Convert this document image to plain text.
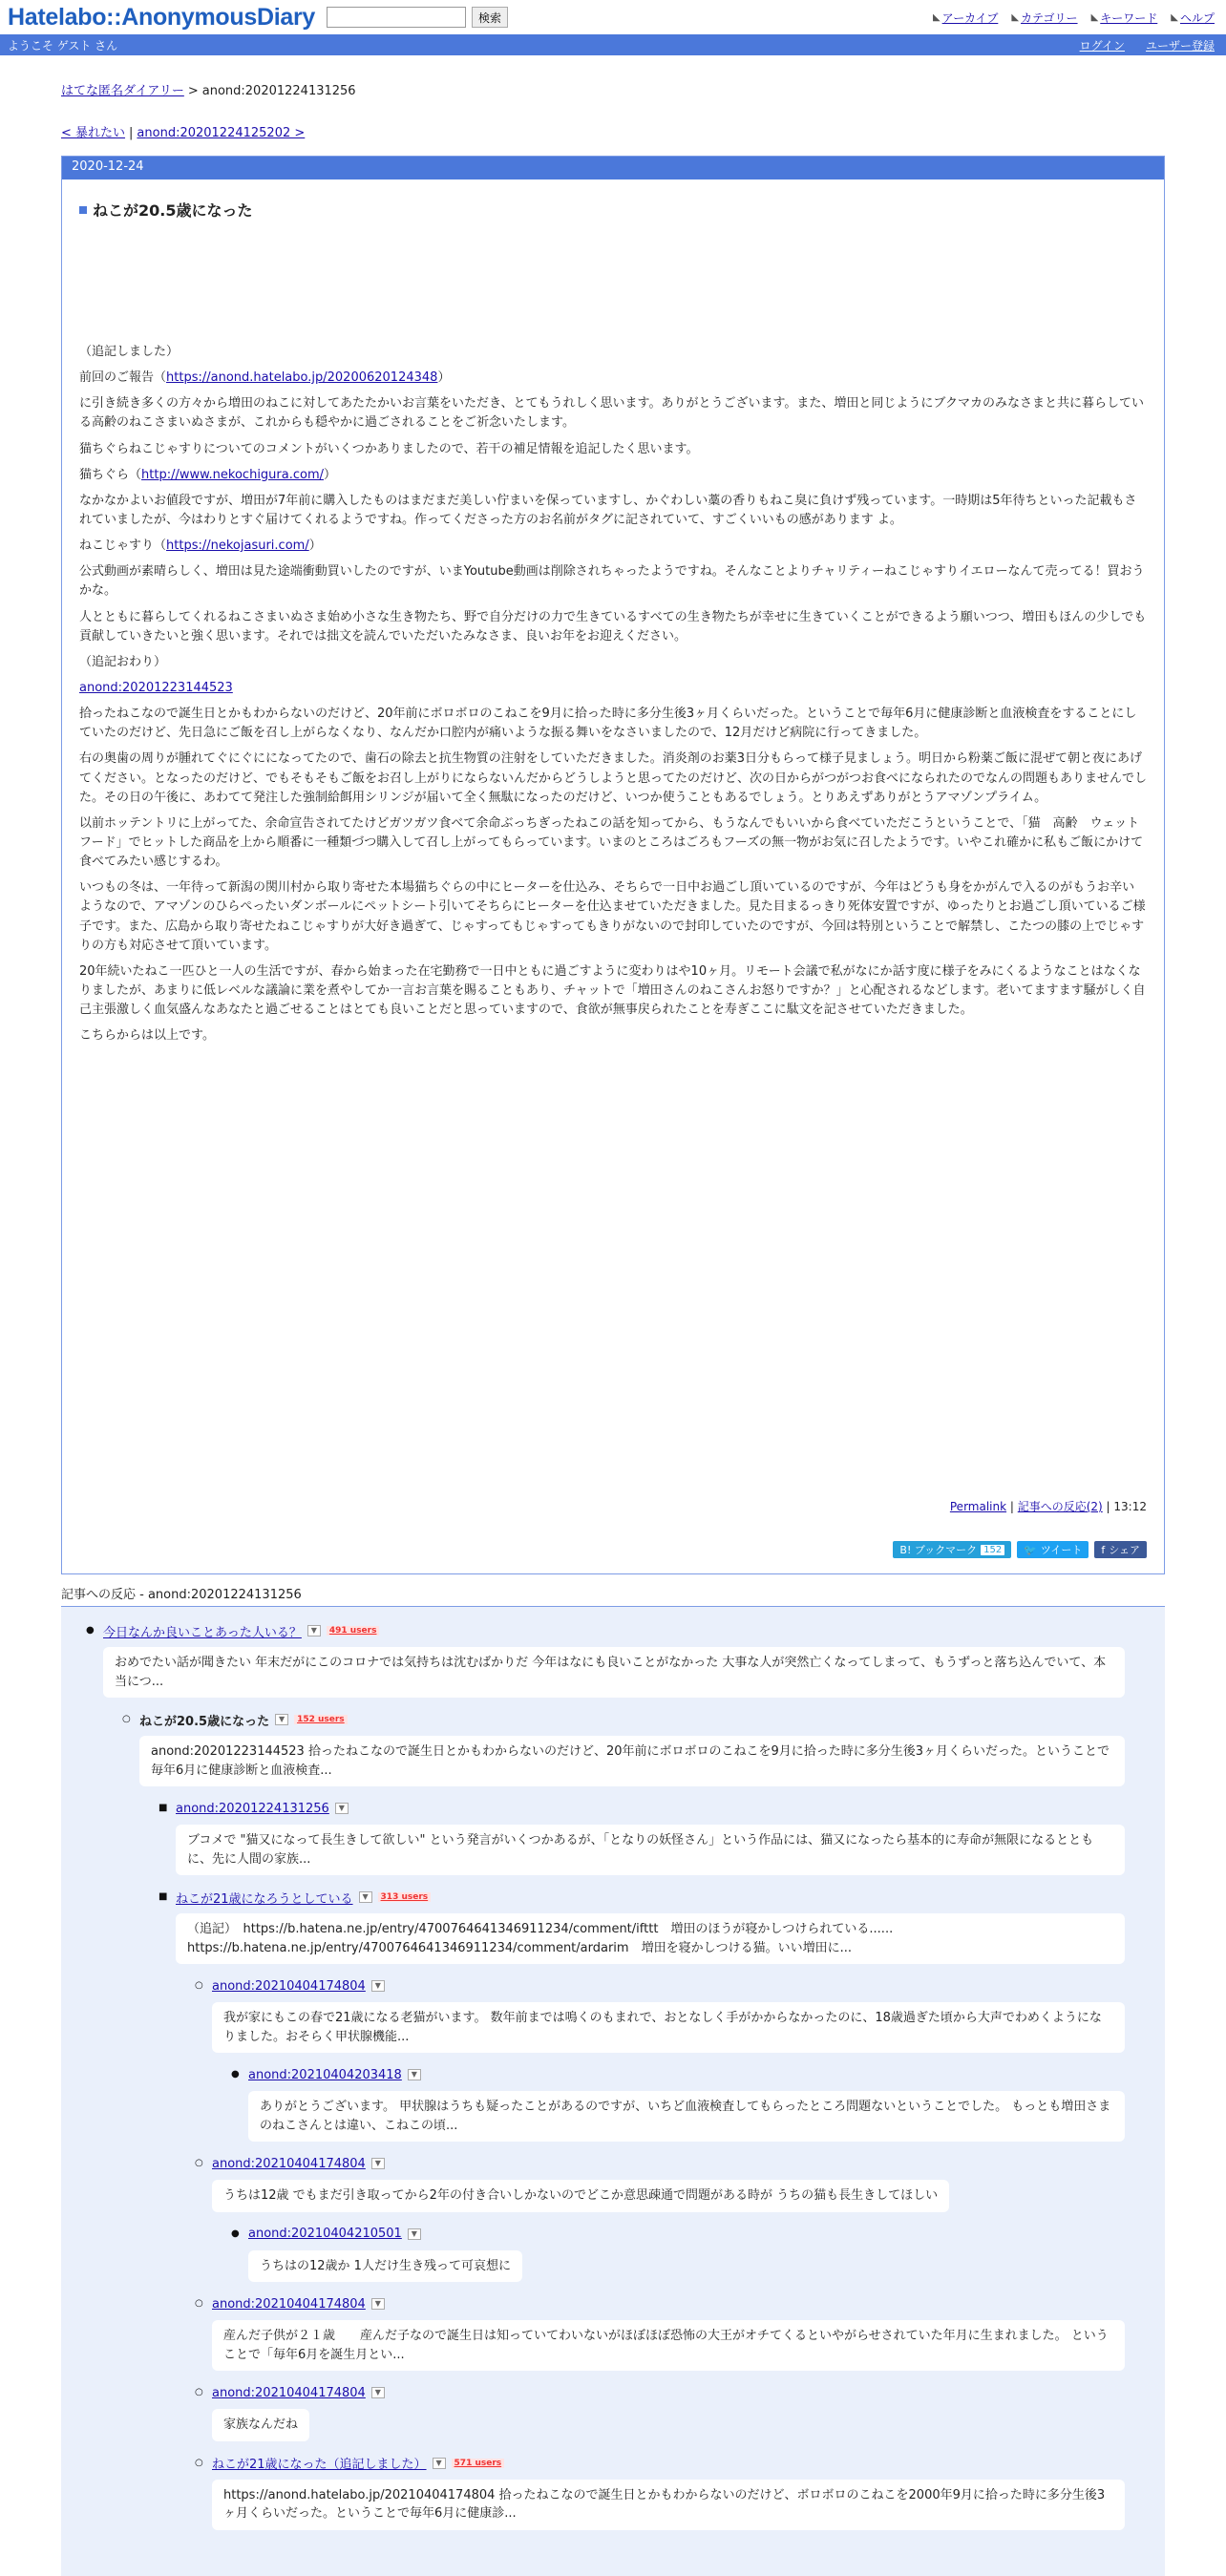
Hatelabo::AnonymousDiary	検索	◣ アーカイブ ◣ カテゴリー ◣ キーワード ◣ ヘルプ
ようこそ ゲスト さん	ログイン ユーザー登録
はてな匿名ダイアリー > anond:20201224131256
< 暴れたい | anond:20201224125202 >
2020-12-24
ねこが20.5歳になった

（追記しました）

前回のご報告（https://anond.hatelabo.jp/20200620124348）

に引き続き多くの方々から増田のねこに対してあたたかいお言葉をいただき、とてもうれしく思います。ありがとうございます。また、増田と同じようにブクマカのみなさまと共に暮らしている高齢のねこさまいぬさまが、これからも穏やかに過ごされることをご祈念いたします。

猫ちぐらねこじゃすりについてのコメントがいくつかありましたので、若干の補足情報を追記したく思います。

猫ちぐら（http://www.nekochigura.com/）

なかなかよいお値段ですが、増田が7年前に購入したものはまだまだ美しい佇まいを保っていますし、かぐわしい藁の香りもねこ臭に負けず残っています。一時期は5年待ちといった記載もされていましたが、今はわりとすぐ届けてくれるようですね。作ってくださった方のお名前がタグに記されていて、すごくいいもの感があります よ。

ねこじゃすり（https://nekojasuri.com/）

公式動画が素晴らしく、増田は見た途端衝動買いしたのですが、いまYoutube動画は削除されちゃったようですね。そんなことよりチャリティーねこじゃすりイエローなんて売ってる！買おうかな。

人とともに暮らしてくれるねこさまいぬさま始め小さな生き物たち、野で自分だけの力で生きているすべての生き物たちが幸せに生きていくことができるよう願いつつ、増田もほんの少しでも貢献していきたいと強く思います。それでは拙文を読んでいただいたみなさま、良いお年をお迎えください。

（追記おわり）

anond:20201223144523

拾ったねこなので誕生日とかもわからないのだけど、20年前にボロボロのこねこを9月に拾った時に多分生後3ヶ月くらいだった。ということで毎年6月に健康診断と血液検査をすることにしていたのだけど、先日急にご飯を召し上がらなくなり、なんだか口腔内が痛いような振る舞いをなさいましたので、12月だけど病院に行ってきました。

右の奥歯の周りが腫れてぐにぐにになってたので、歯石の除去と抗生物質の注射をしていただきました。消炎剤のお薬3日分もらって様子見ましょう。明日から粉薬ご飯に混ぜて朝と夜にあげてください。となったのだけど、でもそもそもご飯をお召し上がりにならないんだからどうしようと思ってたのだけど、次の日からがつがつお食べになられたのでなんの問題もありませんでした。その日の午後に、あわてて発注した強制給餌用シリンジが届いて全く無駄になったのだけど、いつか使うこともあるでしょう。とりあえずありがとうアマゾンプライム。

以前ホッテントリに上がってた、余命宣告されてたけどガツガツ食べて余命ぶっちぎったねこの話を知ってから、もうなんでもいいから食べていただこうということで、「猫　高齢　ウェットフード」でヒットした商品を上から順番に一種類づつ購入して召し上がってもらっています。いまのところはごろもフーズの無一物がお気に召したようです。いやこれ確かに私もご飯にかけて食べてみたい感じするわ。

いつもの冬は、一年待って新潟の関川村から取り寄せた本場猫ちぐらの中にヒーターを仕込み、そちらで一日中お過ごし頂いているのですが、今年はどうも身をかがんで入るのがもうお辛いようなので、アマゾンのひらぺったいダンボールにペットシート引いてそちらにヒーターを仕込ませていただきました。見た目まるっきり死体安置ですが、ゆったりとお過ごし頂いているご様子です。また、広島から取り寄せたねこじゃすりが大好き過ぎて、じゃすってもじゃすってもきりがないので封印していたのですが、今回は特別ということで解禁し、こたつの膝の上でじゃすりの方も対応させて頂いています。

20年続いたねこ一匹ひと一人の生活ですが、春から始まった在宅勤務で一日中ともに過ごすように変わりはや10ヶ月。リモート会議で私がなにか話す度に様子をみにくるようなことはなくなりましたが、あまりに低レベルな議論に業を煮やしてか一言お言葉を賜ることもあり、チャットで「増田さんのねこさんお怒りですか？」と心配されるなどします。老いてますます騒がしく自己主張激しく血気盛んなあなたと過ごせることはとても良いことだと思っていますので、食欲が無事戻られたことを寿ぎここに駄文を記させていただきました。

こちらからは以上です。

Permalink | 記事への反応(2) | 13:12
B! ブックマーク 152 🐦 ツイート f シェア
記事への反応 - anond:20201224131256
● 今日なんか良いことあった人いる？	▼	491 users
おめでたい話が聞きたい 年末だがにこのコロナでは気持ちは沈むばかりだ 今年はなにも良いことがなかった 大事な人が突然亡くなってしまって、もうずっと落ち込んでいて、本当につ...
○ ねこが20.5歳になった	▼	152 users
anond:20201223144523 拾ったねこなので誕生日とかもわからないのだけど、20年前にボロボロのこねこを9月に拾った時に多分生後3ヶ月くらいだった。ということで毎年6月に健康診断と血液検査...
■ anond:20201224131256	▼
ブコメで "猫又になって長生きして欲しい" という発言がいくつかあるが、「となりの妖怪さん」という作品には、猫又になったら基本的に寿命が無限になるとともに、先に人間の家族...
■ ねこが21歳になろうとしている	▼	313 users
（追記）　https://b.hatena.ne.jp/entry/4700764641346911234/comment/ifttt　増田のほうが寝かしつけられている...... https://b.hatena.ne.jp/entry/4700764641346911234/comment/ardarim　増田を寝かしつける猫。いい増田に...
○ anond:20210404174804	▼
我が家にもこの春で21歳になる老猫がいます。 数年前までは鳴くのもまれで、おとなしく手がかからなかったのに、18歳過ぎた頃から大声でわめくようになりました。おそらく甲状腺機能...
● anond:20210404203418	▼
ありがとうございます。 甲状腺はうちも疑ったことがあるのですが、いちど血液検査してもらったところ問題ないということでした。 もっとも増田さまのねこさんとは違い、こねこの頃...
○ anond:20210404174804	▼
うちは12歳 でもまだ引き取ってから2年の付き合いしかないのでどこか意思疎通で問題がある時が うちの猫も長生きしてほしい
● anond:20210404210501	▼
うちはの12歳か 1人だけ生き残って可哀想に
○ anond:20210404174804	▼
産んだ子供が２１歳　　産んだ子なので誕生日は知っていてわいないがほぼほぼ恐怖の大王がオチてくるといやがらせされていた年月に生まれました。 ということで「毎年6月を誕生月とい...
○ anond:20210404174804	▼
家族なんだね
○ ねこが21歳になった（追記しました）	▼	571 users
https://anond.hatelabo.jp/20210404174804 拾ったねこなので誕生日とかもわからないのだけど、ボロボロのこねこを2000年9月に拾った時に多分生後3ヶ月くらいだった。ということで毎年6月に健康診...
